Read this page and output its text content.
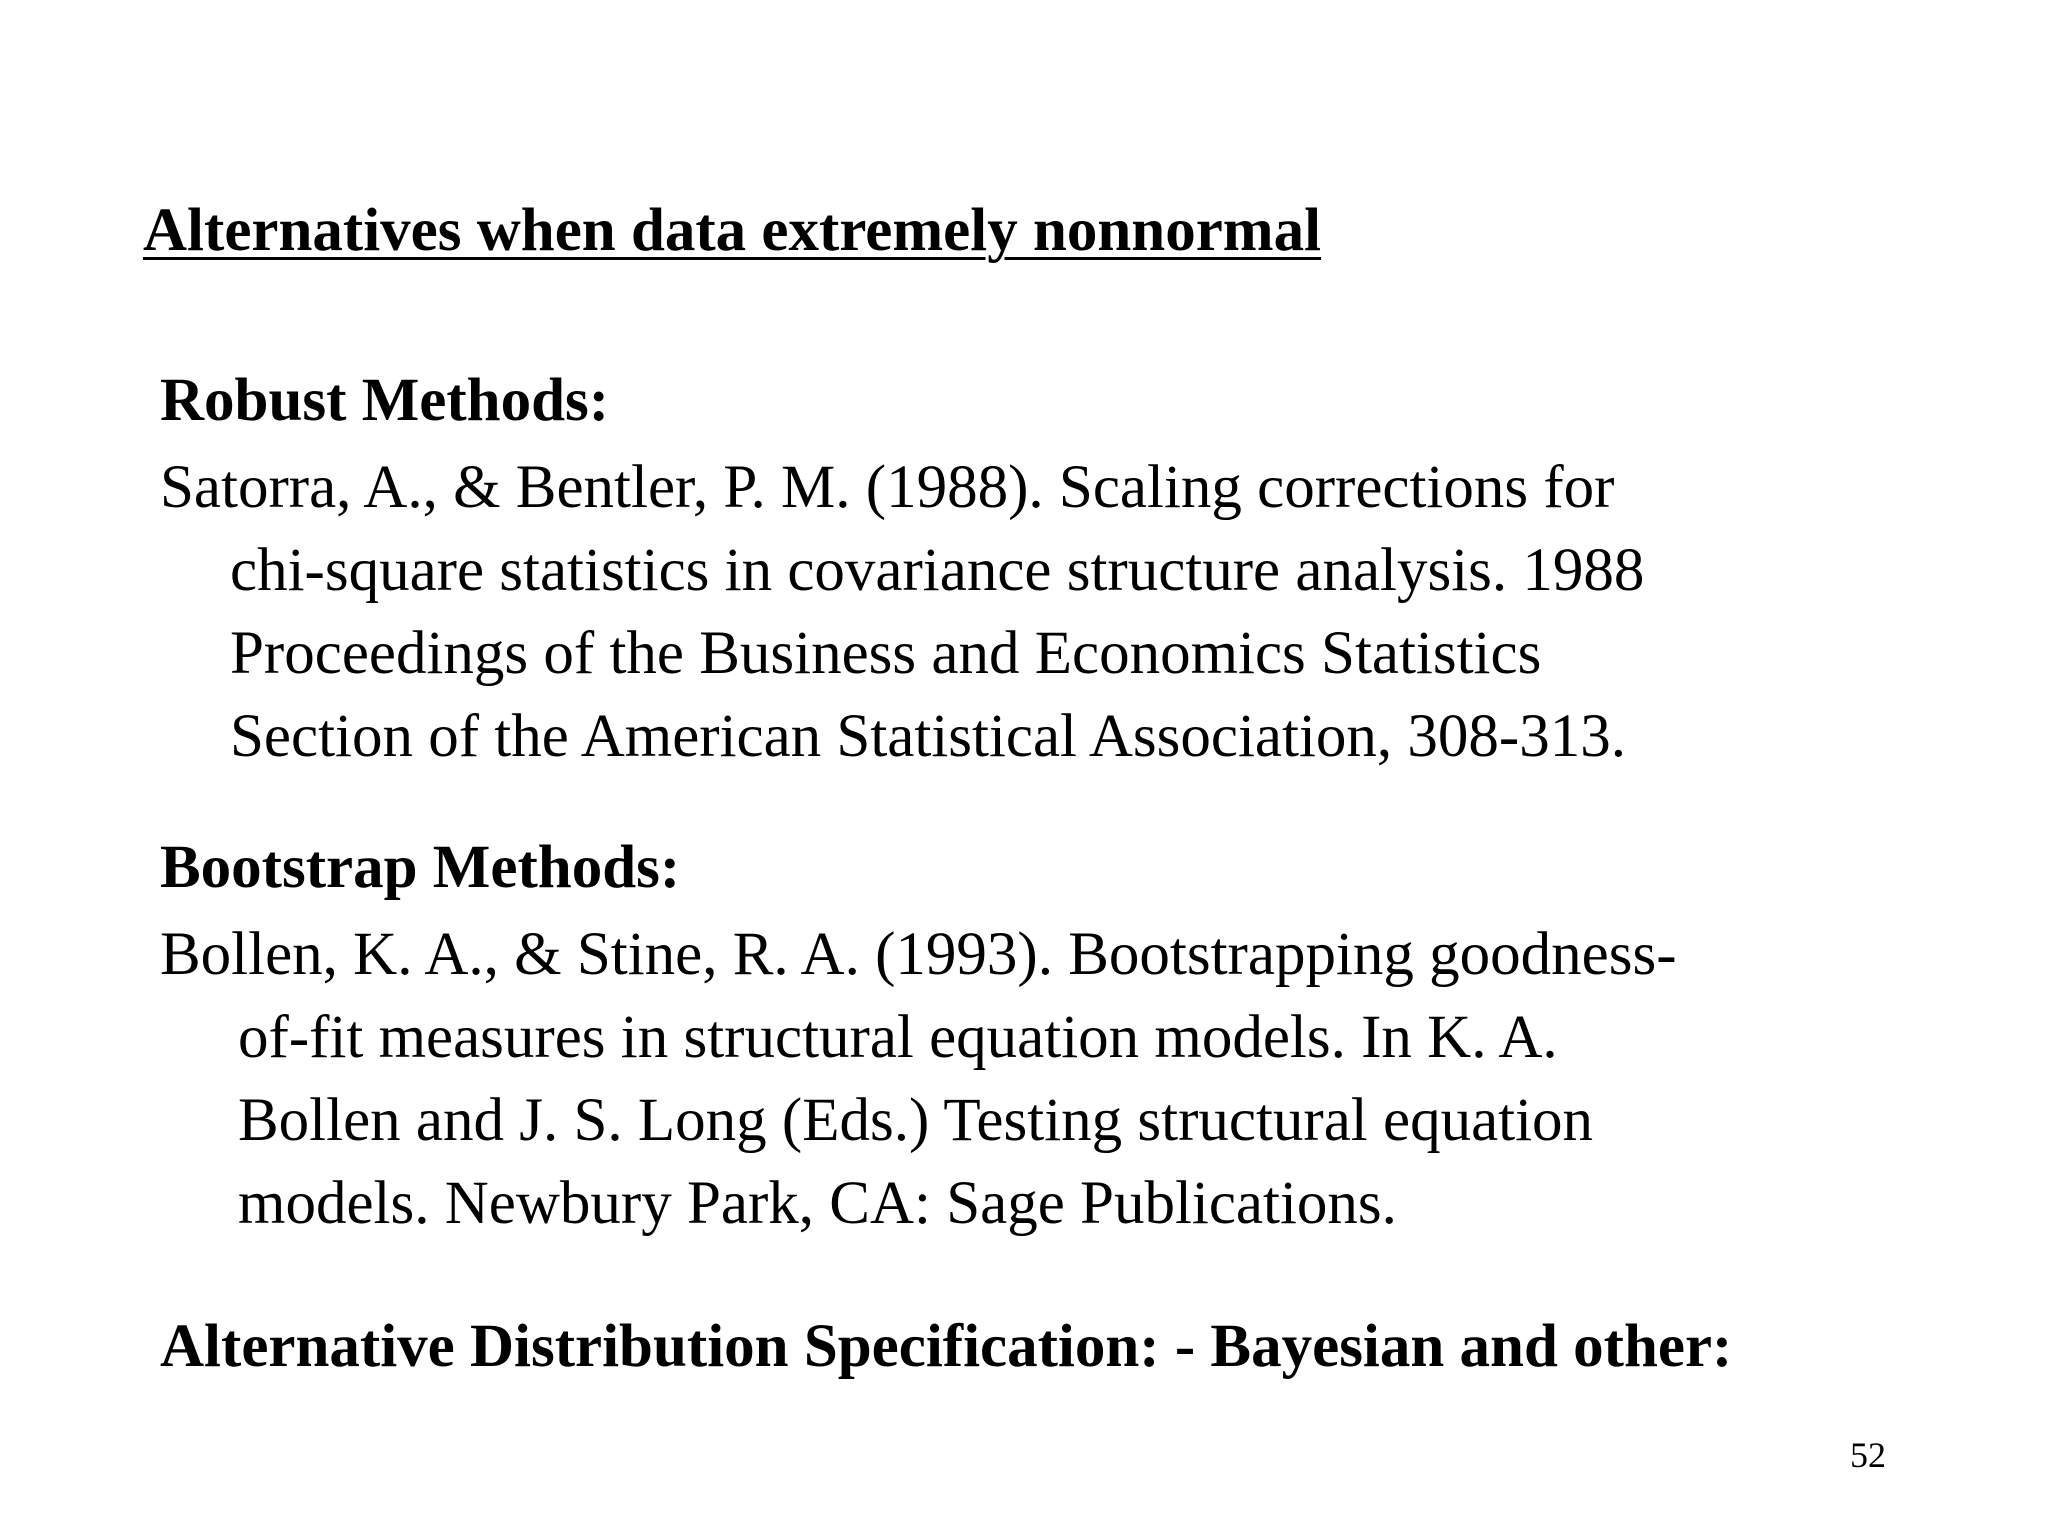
Alternatives when data extremely nonnormal
Robust Methods:
Satorra, A., & Bentler, P. M. (1988). Scaling corrections for
chi-square statistics in covariance structure analysis. 1988
Proceedings of the Business and Economics Statistics
Section of the American Statistical Association, 308-313.
Bootstrap Methods:
Bollen, K. A., & Stine, R. A. (1993). Bootstrapping goodness-
of-fit measures in structural equation models. In K. A.
Bollen and J. S. Long (Eds.) Testing structural equation
models. Newbury Park, CA: Sage Publications.
Alternative Distribution Specification: - Bayesian and other:
52
